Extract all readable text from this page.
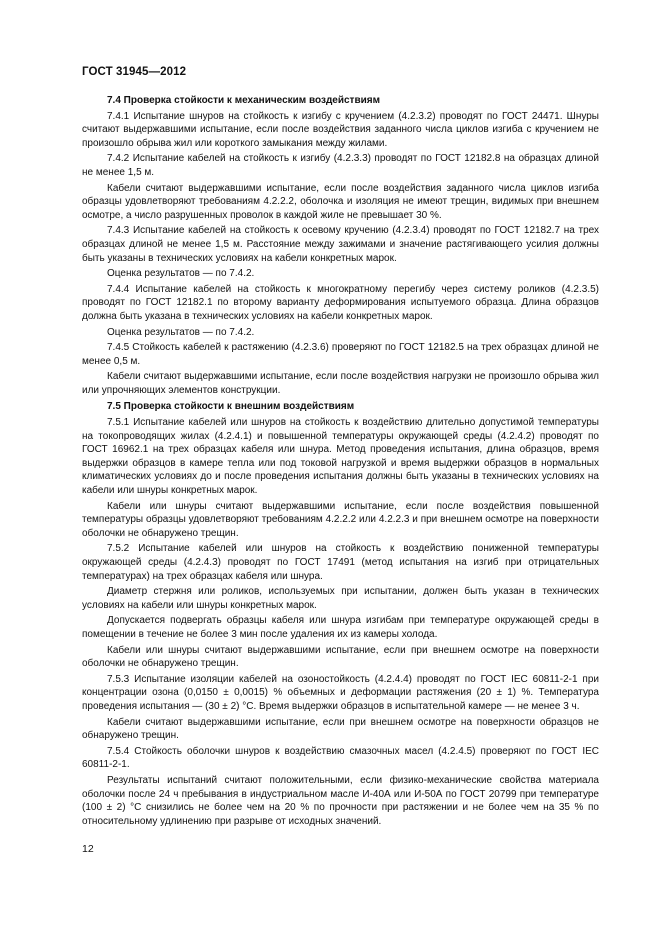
ГОСТ 31945—2012

7.4 Проверка стойкости к механическим воздействиям

7.4.1 Испытание шнуров на стойкость к изгибу с кручением (4.2.3.2) проводят по ГОСТ 24471. Шнуры считают выдержавшими испытание, если после воздействия заданного числа циклов изгиба с кручением не произошло обрыва жил или короткого замыкания между жилами.

7.4.2 Испытание кабелей на стойкость к изгибу (4.2.3.3) проводят по ГОСТ 12182.8 на образцах длиной не менее 1,5 м.

Кабели считают выдержавшими испытание, если после воздействия заданного числа циклов изгиба образцы удовлетворяют требованиям 4.2.2.2, оболочка и изоляция не имеют трещин, видимых при внешнем осмотре, а число разрушенных проволок в каждой жиле не превышает 30 %.

7.4.3 Испытание кабелей на стойкость к осевому кручению (4.2.3.4) проводят по ГОСТ 12182.7 на трех образцах длиной не менее 1,5 м. Расстояние между зажимами и значение растягивающего усилия должны быть указаны в технических условиях на кабели конкретных марок.

Оценка результатов — по 7.4.2.

7.4.4 Испытание кабелей на стойкость к многократному перегибу через систему роликов (4.2.3.5) проводят по ГОСТ 12182.1 по второму варианту деформирования испытуемого образца. Длина образцов должна быть указана в технических условиях на кабели конкретных марок.

Оценка результатов — по 7.4.2.

7.4.5 Стойкость кабелей к растяжению (4.2.3.6) проверяют по ГОСТ 12182.5 на трех образцах длиной не менее 0,5 м.

Кабели считают выдержавшими испытание, если после воздействия нагрузки не произошло обрыва жил или упрочняющих элементов конструкции.

7.5 Проверка стойкости к внешним воздействиям

7.5.1 Испытание кабелей или шнуров на стойкость к воздействию длительно допустимой температуры на токопроводящих жилах (4.2.4.1) и повышенной температуры окружающей среды (4.2.4.2) проводят по ГОСТ 16962.1 на трех образцах кабеля или шнура. Метод проведения испытания, длина образцов, время выдержки образцов в камере тепла или под токовой нагрузкой и время выдержки образцов в нормальных климатических условиях до и после проведения испытания должны быть указаны в технических условиях на кабели или шнуры конкретных марок.

Кабели или шнуры считают выдержавшими испытание, если после воздействия повышенной температуры образцы удовлетворяют требованиям 4.2.2.2 или 4.2.2.3 и при внешнем осмотре на поверхности оболочки не обнаружено трещин.

7.5.2 Испытание кабелей или шнуров на стойкость к воздействию пониженной температуры окружающей среды (4.2.4.3) проводят по ГОСТ 17491 (метод испытания на изгиб при отрицательных температурах) на трех образцах кабеля или шнура.

Диаметр стержня или роликов, используемых при испытании, должен быть указан в технических условиях на кабели или шнуры конкретных марок.

Допускается подвергать образцы кабеля или шнура изгибам при температуре окружающей среды в помещении в течение не более 3 мин после удаления их из камеры холода.

Кабели или шнуры считают выдержавшими испытание, если при внешнем осмотре на поверхности оболочки не обнаружено трещин.

7.5.3 Испытание изоляции кабелей на озоностойкость (4.2.4.4) проводят по ГОСТ IEC 60811-2-1 при концентрации озона (0,0150 ± 0,0015) % объемных и деформации растяжения (20 ± 1) %. Температура проведения испытания — (30 ± 2) °С. Время выдержки образцов в испытательной камере — не менее 3 ч.

Кабели считают выдержавшими испытание, если при внешнем осмотре на поверхности образцов не обнаружено трещин.

7.5.4 Стойкость оболочки шнуров к воздействию смазочных масел (4.2.4.5) проверяют по ГОСТ IEC 60811-2-1.

Результаты испытаний считают положительными, если физико-механические свойства материала оболочки после 24 ч пребывания в индустриальном масле И-40А или И-50А по ГОСТ 20799 при температуре (100 ± 2) °С снизились не более чем на 20 % по прочности при растяжении и не более чем на 35 % по относительному удлинению при разрыве от исходных значений.

12
